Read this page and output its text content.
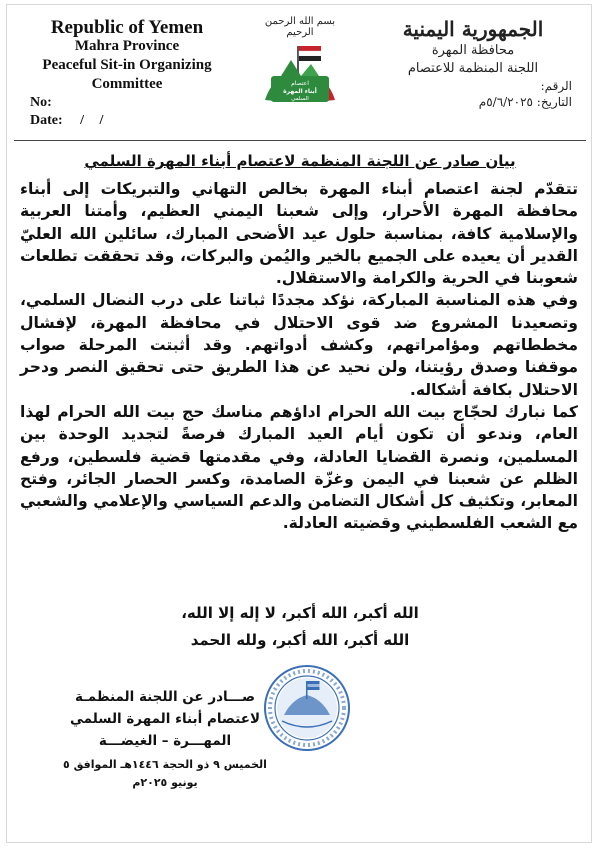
Republic of Yemen
Mahra Province
Peaceful Sit-in Organizing
Committee
No:
Date: / /
بسم الله الرحمن الرحيم
اعتصام
أبناء المهرة
السلمي
الجمهورية اليمنية
محافظة المهرة
اللجنة المنظمة للاعتصام
الرقم:
التاريخ: ٥/٦/٢٠٢٥م
بيان صادر عن اللجنة المنظمة لاعتصام أبناء المهرة السلمي

تتقدّم لجنة اعتصام أبناء المهرة بخالص التهاني والتبريكات إلى أبناء محافظة المهرة الأحرار، وإلى شعبنا اليمني العظيم، وأمتنا العربية والإسلامية كافة، بمناسبة حلول عيد الأضحى المبارك، سائلين الله العليّ القدير أن يعيده على الجميع بالخير واليُمن والبركات، وقد تحققت تطلعات شعوبنا في الحرية والكرامة والاستقلال.

وفي هذه المناسبة المباركة، نؤكد مجددًا ثباتنا على درب النضال السلمي، وتصعيدنا المشروع ضد قوى الاحتلال في محافظة المهرة، لإفشال مخططاتهم ومؤامراتهم، وكشف أدواتهم. وقد أثبتت المرحلة صواب موقفنا وصدق رؤيتنا، ولن نحيد عن هذا الطريق حتى تحقيق النصر ودحر الاحتلال بكافة أشكاله.

كما نبارك لحجّاج بيت الله الحرام اداؤهم مناسك حج بيت الله الحرام لهذا العام، وندعو أن تكون أيام العيد المبارك فرصةً لتجديد الوحدة بين المسلمين، ونصرة القضايا العادلة، وفي مقدمتها قضية فلسطين، ورفع الظلم عن شعبنا في اليمن وغزّة الصامدة، وكسر الحصار الجائر، وفتح المعابر، وتكثيف كل أشكال التضامن والدعم السياسي والإعلامي والشعبي مع الشعب الفلسطيني وقضيته العادلة.

الله أكبر، الله أكبر، لا إله إلا الله،
الله أكبر، الله أكبر، ولله الحمد
صـــادر عن اللجنة المنظمـة
لاعتصام أبناء المهرة السلمي
المهـــرة – الغيضـــة
الخميس ٩ ذو الحجة ١٤٤٦هـ الموافق ٥ يونيو ٢٠٢٥م
